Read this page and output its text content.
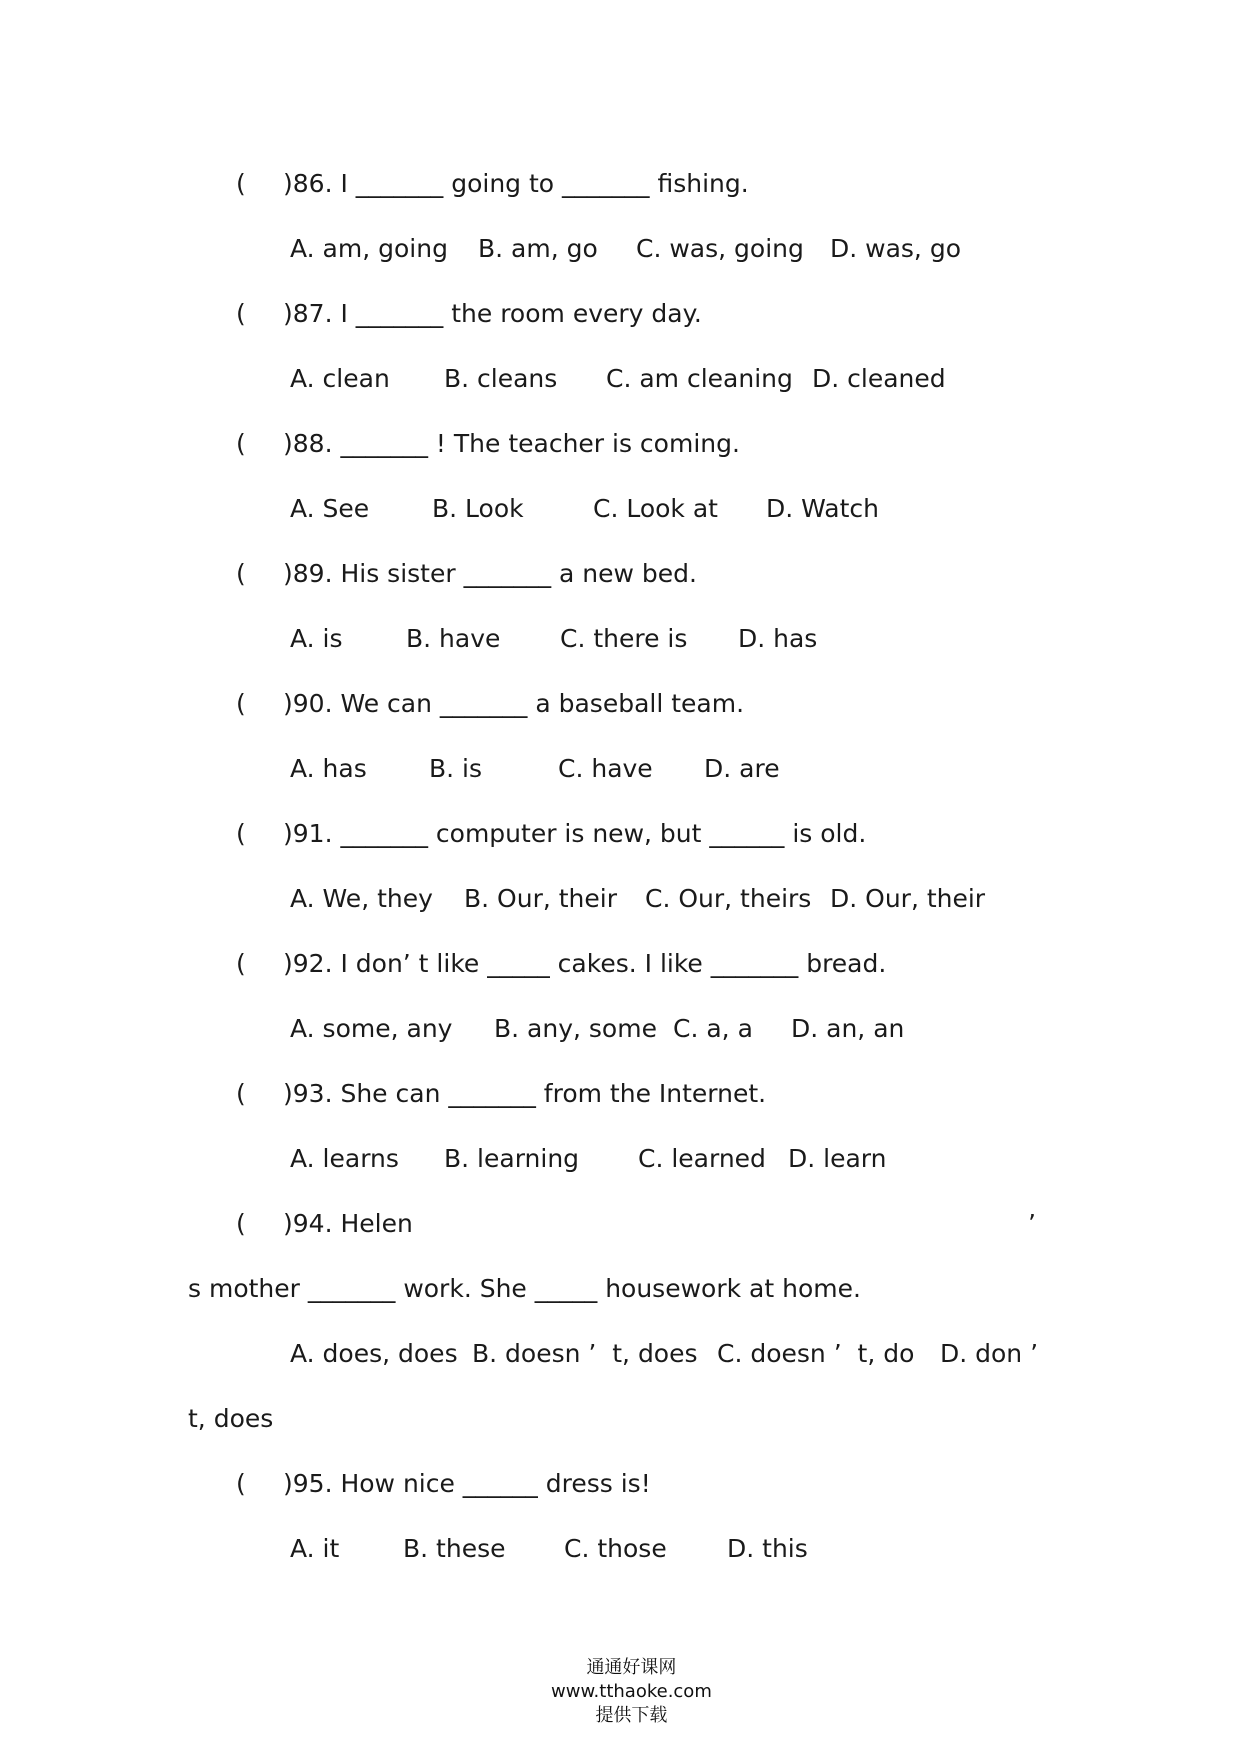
( )86. I _______ going to _______ fishing.
A. am, going B. am, go C. was, going D. was, go
( )87. I _______ the room every day.
A. clean B. cleans C. am cleaning D. cleaned
( )88. _______ ! The teacher is coming.
A. See	B. Look	C. Look at D. Watch
( )89. His sister _______ a new bed.
A. is	B. have C. there is D. has
( )90. We can _______ a baseball team.
A. has B. is	C. have D. are
( )91. _______ computer is new, but ______ is old.
A. We, they B. Our, their C. Our, theirs D. Our, their
( )92. I don’ t like _____ cakes. I like _______ bread.
A. some, any B. any, some C. a, a D. an, an
( )93. She can _______ from the Internet.
A. learns B. learning C. learned D. learn
( )94. Helen	’
s mother _______ work. She _____ housework at home.
A. does, does B. doesn ’  t, does C. doesn ’  t, do D. don ’
t, does
( )95. How nice ______ dress is!
A. it	B. these C. those D. this

通通好课网
www.tthaoke.com
提供下载
